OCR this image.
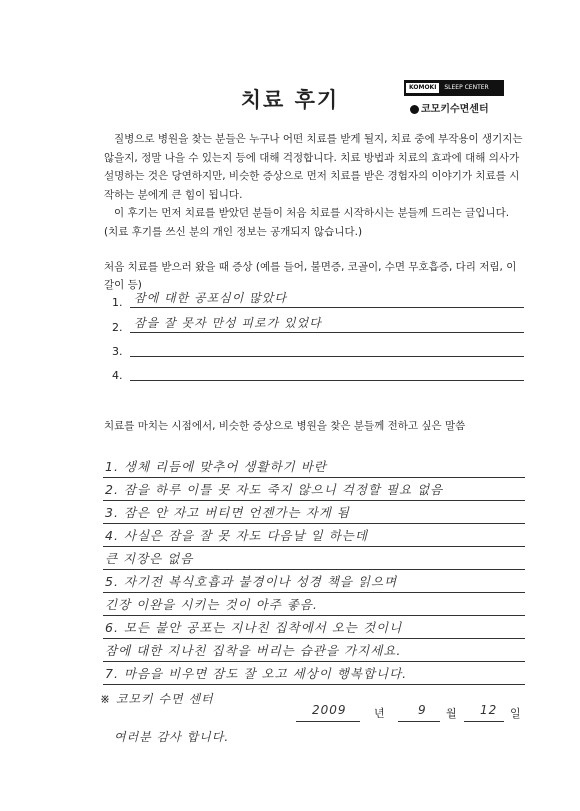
치료 후기
KOMOKI SLEEP CENTER
코모키수면센터

질병으로 병원을 찾는 분들은 누구나 어떤 치료를 받게 될지, 치료 중에 부작용이 생기지는 않을지, 정말 나을 수 있는지 등에 대해 걱정합니다. 치료 방법과 치료의 효과에 대해 의사가 설명하는 것은 당연하지만, 비슷한 증상으로 먼저 치료를 받은 경험자의 이야기가 치료를 시작하는 분에게 큰 힘이 됩니다.

이 후기는 먼저 치료를 받았던 분들이 처음 치료를 시작하시는 분들께 드리는 글입니다. (치료 후기를 쓰신 분의 개인 정보는 공개되지 않습니다.)

처음 치료를 받으러 왔을 때 증상 (예를 들어, 불면증, 코골이, 수면 무호흡증, 다리 저림, 이갈이 등)
1. 잠에 대한 공포심이 많았다
2. 잠을 잘 못자 만성 피로가 있었다
3.
4.
치료를 마치는 시점에서, 비슷한 증상으로 병원을 찾은 분들께 전하고 싶은 말씀
1. 생체 리듬에 맞추어 생활하기 바란
2. 잠을 하루 이틀 못 자도 죽지 않으니 걱정할 필요 없음
3. 잠은 안 자고 버티면 언젠가는 자게 됨
4. 사실은 잠을 잘 못 자도 다음날 일 하는데
큰 지장은 없음
5. 자기전 복식호흡과 불경이나 성경 책을 읽으며
긴장 이완을 시키는 것이 아주 좋음.
6. 모든 불안 공포는 지나친 집착에서 오는 것이니
잠에 대한 지나친 집착을 버리는 습관을 가지세요.
7. 마음을 비우면 잠도 잘 오고 세상이 행복합니다.
※ 코모키 수면 센터
여러분 감사 합니다.
2009 년	9 월 12 일
